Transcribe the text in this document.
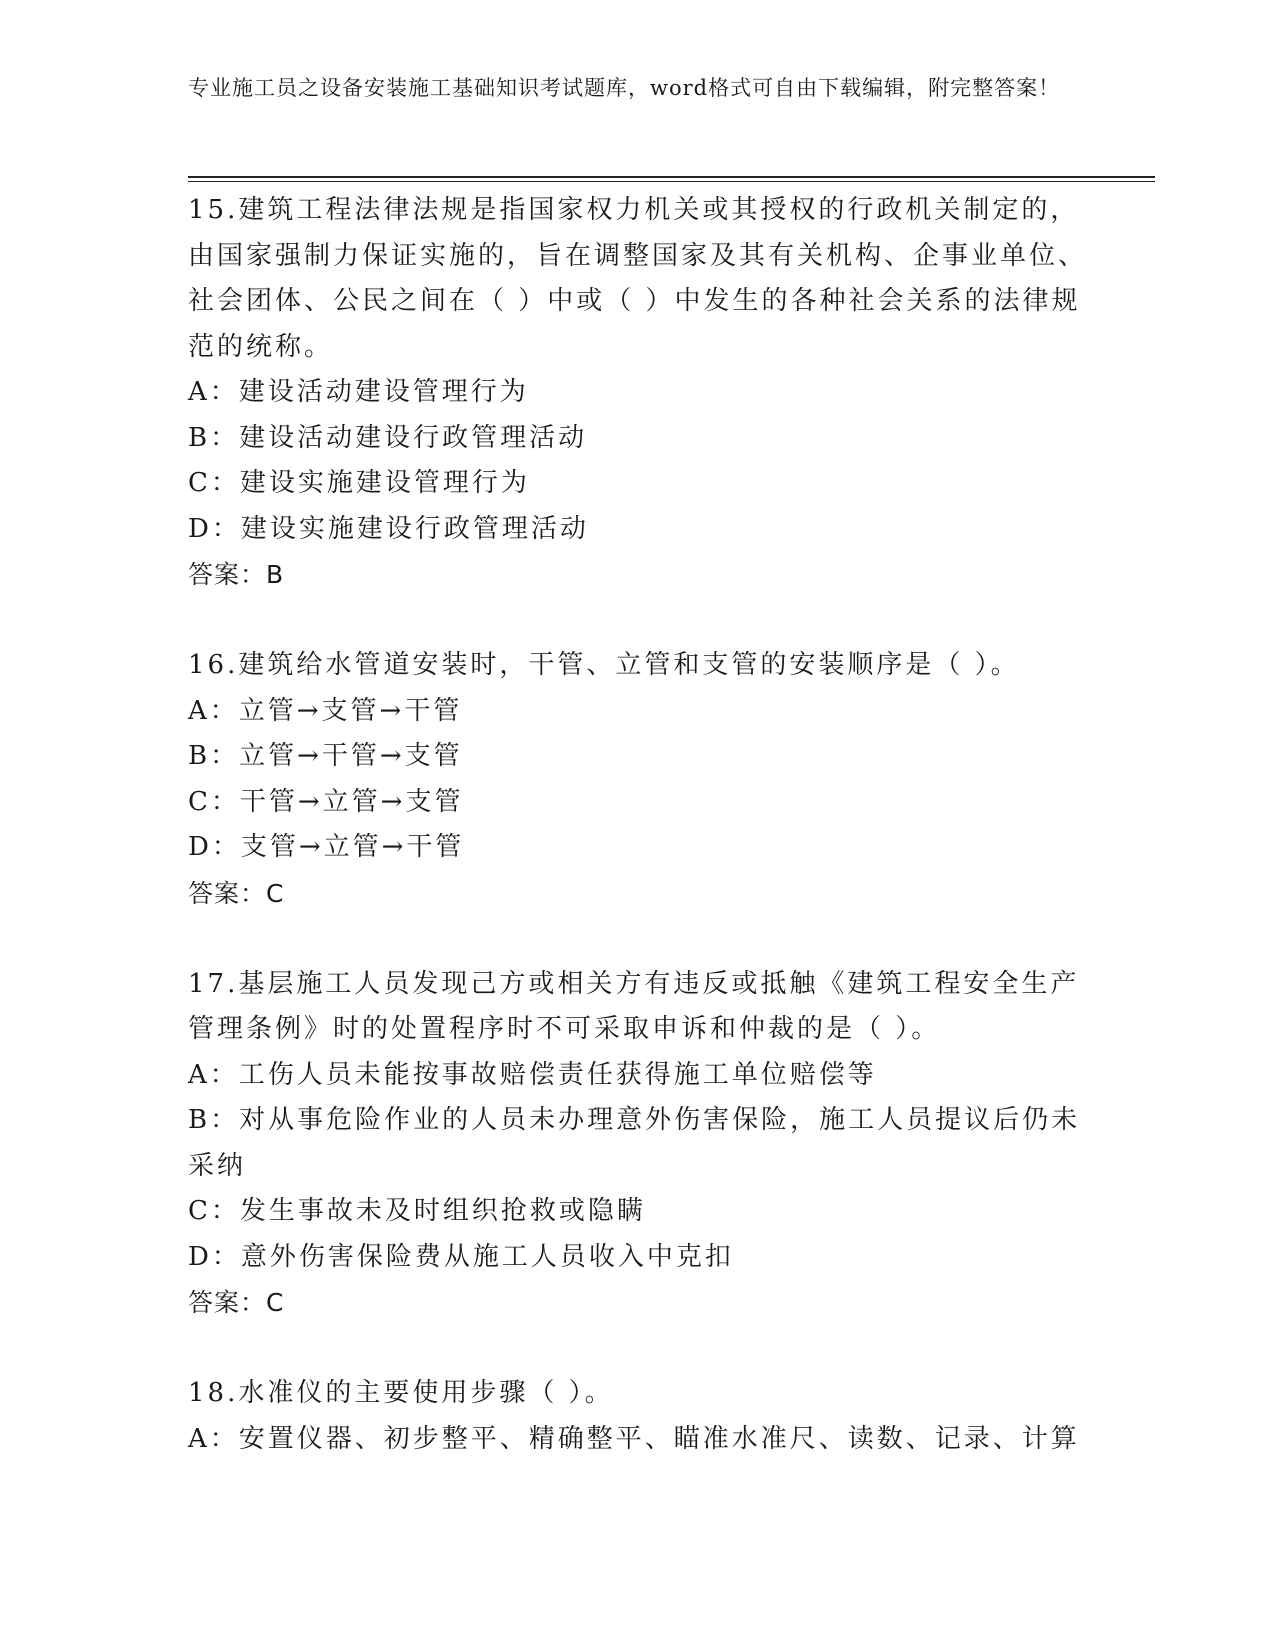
专业施工员之设备安装施工基础知识考试题库，word格式可自由下载编辑，附完整答案！

15.建筑工程法律法规是指国家权力机关或其授权的行政机关制定的，由国家强制力保证实施的，旨在调整国家及其有关机构、企事业单位、社会团体、公民之间在（ ）中或（ ）中发生的各种社会关系的法律规范的统称。

A：建设活动建设管理行为

B：建设活动建设行政管理活动

C：建设实施建设管理行为

D：建设实施建设行政管理活动

答案：B

16.建筑给水管道安装时，干管、立管和支管的安装顺序是（ ）。

A：立管→支管→干管

B：立管→干管→支管

C：干管→立管→支管

D：支管→立管→干管

答案：C

17.基层施工人员发现己方或相关方有违反或抵触《建筑工程安全生产管理条例》时的处置程序时不可采取申诉和仲裁的是（ ）。

A：工伤人员未能按事故赔偿责任获得施工单位赔偿等

B：对从事危险作业的人员未办理意外伤害保险，施工人员提议后仍未采纳

C：发生事故未及时组织抢救或隐瞒

D：意外伤害保险费从施工人员收入中克扣

答案：C

18.水准仪的主要使用步骤（ ）。

A：安置仪器、初步整平、精确整平、瞄准水准尺、读数、记录、计算
